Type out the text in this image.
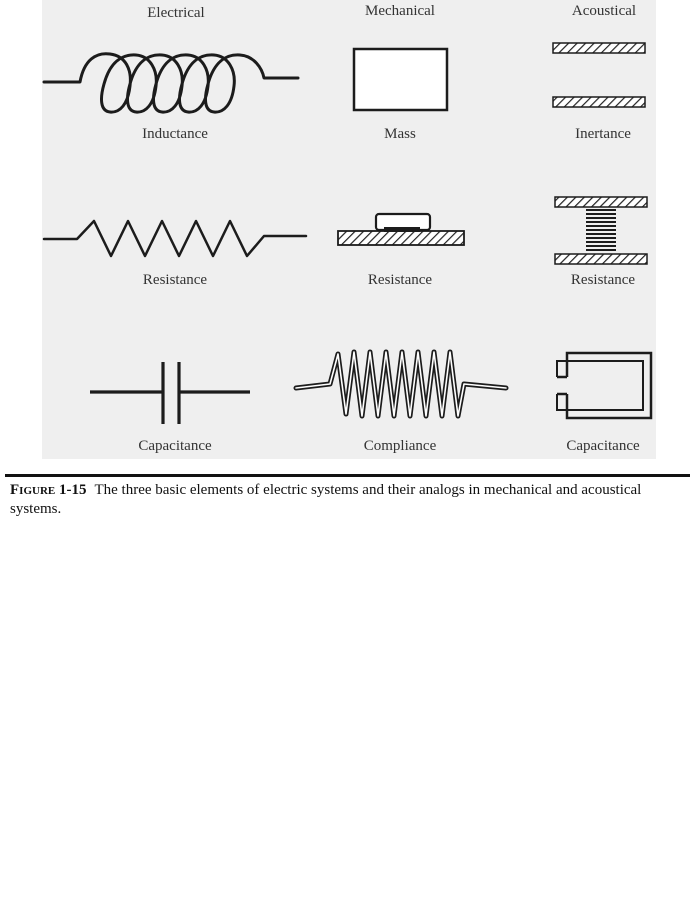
Electrical	Mechanical	Acoustical
Inductance	Mass	Inertance
Resistance	Resistance	Resistance
Capacitance	Compliance	Capacitance
Figure 1-15 The three basic elements of electric systems and their analogs in mechanical and acoustical systems.
